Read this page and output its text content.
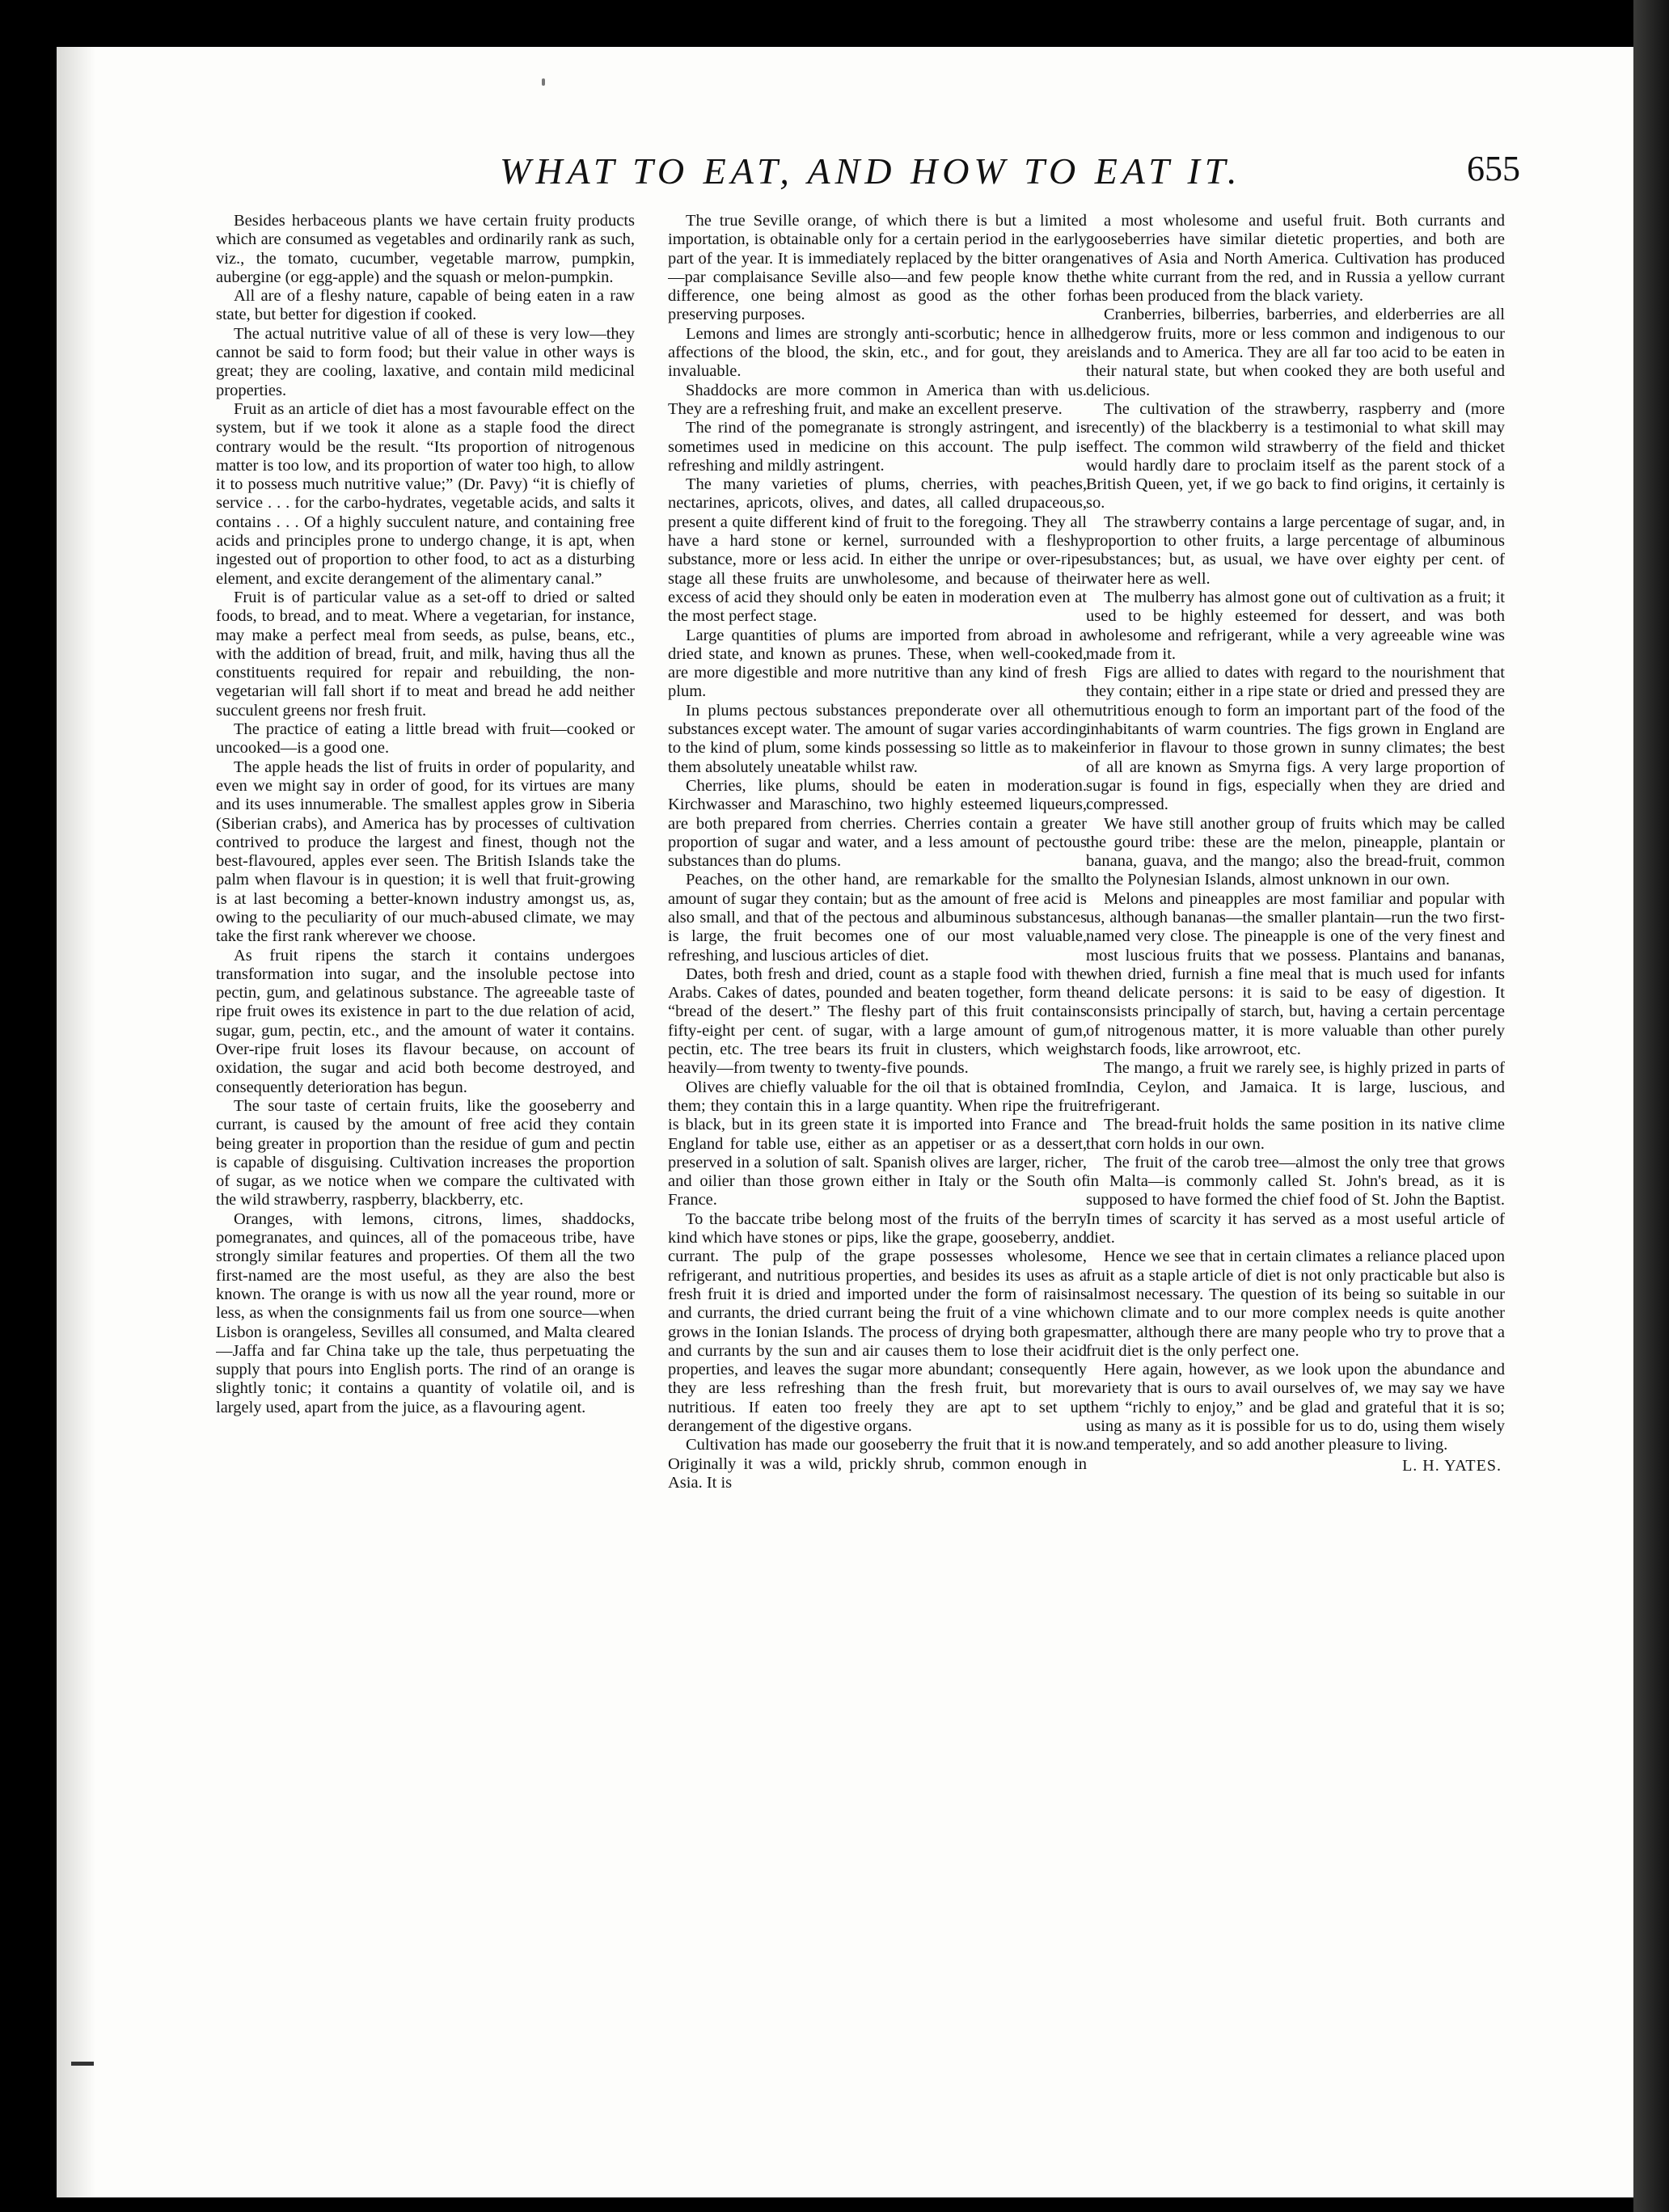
WHAT TO EAT, AND HOW TO EAT IT.	655

Besides herbaceous plants we have certain fruity products which are consumed as vegetables and ordinarily rank as such, viz., the tomato, cucumber, vegetable marrow, pumpkin, aubergine (or egg-apple) and the squash or melon-pumpkin.

All are of a fleshy nature, capable of being eaten in a raw state, but better for digestion if cooked.

The actual nutritive value of all of these is very low—they cannot be said to form food; but their value in other ways is great; they are cooling, laxative, and contain mild medicinal properties.

Fruit as an article of diet has a most favourable effect on the system, but if we took it alone as a staple food the direct contrary would be the result. “Its proportion of nitrogenous matter is too low, and its proportion of water too high, to allow it to possess much nutritive value;” (Dr. Pavy) “it is chiefly of service . . . for the carbo-hydrates, vegetable acids, and salts it contains . . . Of a highly succulent nature, and containing free acids and principles prone to undergo change, it is apt, when ingested out of proportion to other food, to act as a disturbing element, and excite derangement of the alimentary canal.”

Fruit is of particular value as a set-off to dried or salted foods, to bread, and to meat. Where a vegetarian, for instance, may make a perfect meal from seeds, as pulse, beans, etc., with the addition of bread, fruit, and milk, having thus all the constituents required for repair and rebuilding, the non-vegetarian will fall short if to meat and bread he add neither succulent greens nor fresh fruit.

The practice of eating a little bread with fruit—cooked or uncooked—is a good one.

The apple heads the list of fruits in order of popularity, and even we might say in order of good, for its virtues are many and its uses innumerable. The smallest apples grow in Siberia (Siberian crabs), and America has by processes of cultivation contrived to produce the largest and finest, though not the best-flavoured, apples ever seen. The British Islands take the palm when flavour is in question; it is well that fruit-growing is at last becoming a better-known industry amongst us, as, owing to the peculiarity of our much-abused climate, we may take the first rank wherever we choose.

As fruit ripens the starch it contains undergoes transformation into sugar, and the insoluble pectose into pectin, gum, and gelatinous substance. The agreeable taste of ripe fruit owes its existence in part to the due relation of acid, sugar, gum, pectin, etc., and the amount of water it contains. Over-ripe fruit loses its flavour because, on account of oxidation, the sugar and acid both become destroyed, and consequently deterioration has begun.

The sour taste of certain fruits, like the gooseberry and currant, is caused by the amount of free acid they contain being greater in proportion than the residue of gum and pectin is capable of disguising. Cultivation increases the proportion of sugar, as we notice when we compare the cultivated with the wild strawberry, raspberry, blackberry, etc.

Oranges, with lemons, citrons, limes, shaddocks, pomegranates, and quinces, all of the pomaceous tribe, have strongly similar features and properties. Of them all the two first-named are the most useful, as they are also the best known. The orange is with us now all the year round, more or less, as when the consignments fail us from one source—when Lisbon is orangeless, Sevilles all consumed, and Malta cleared—Jaffa and far China take up the tale, thus perpetuating the supply that pours into English ports. The rind of an orange is slightly tonic; it contains a quantity of volatile oil, and is largely used, apart from the juice, as a flavouring agent.

The true Seville orange, of which there is but a limited importation, is obtainable only for a certain period in the early part of the year. It is immediately replaced by the bitter orange—par complaisance Seville also—and few people know the difference, one being almost as good as the other for preserving purposes.

Lemons and limes are strongly anti-scorbutic; hence in all affections of the blood, the skin, etc., and for gout, they are invaluable.

Shaddocks are more common in America than with us. They are a refreshing fruit, and make an excellent preserve.

The rind of the pomegranate is strongly astringent, and is sometimes used in medicine on this account. The pulp is refreshing and mildly astringent.

The many varieties of plums, cherries, with peaches, nectarines, apricots, olives, and dates, all called drupaceous, present a quite different kind of fruit to the foregoing. They all have a hard stone or kernel, surrounded with a fleshy substance, more or less acid. In either the unripe or over-ripe stage all these fruits are unwholesome, and because of their excess of acid they should only be eaten in moderation even at the most perfect stage.

Large quantities of plums are imported from abroad in a dried state, and known as prunes. These, when well-cooked, are more digestible and more nutritive than any kind of fresh plum.

In plums pectous substances preponderate over all other substances except water. The amount of sugar varies according to the kind of plum, some kinds possessing so little as to make them absolutely uneatable whilst raw.

Cherries, like plums, should be eaten in moderation. Kirchwasser and Maraschino, two highly esteemed liqueurs, are both prepared from cherries. Cherries contain a greater proportion of sugar and water, and a less amount of pectous substances than do plums.

Peaches, on the other hand, are remarkable for the small amount of sugar they contain; but as the amount of free acid is also small, and that of the pectous and albuminous substances is large, the fruit becomes one of our most valuable, refreshing, and luscious articles of diet.

Dates, both fresh and dried, count as a staple food with the Arabs. Cakes of dates, pounded and beaten together, form the “bread of the desert.” The fleshy part of this fruit contains fifty-eight per cent. of sugar, with a large amount of gum, pectin, etc. The tree bears its fruit in clusters, which weigh heavily—from twenty to twenty-five pounds.

Olives are chiefly valuable for the oil that is obtained from them; they contain this in a large quantity. When ripe the fruit is black, but in its green state it is imported into France and England for table use, either as an appetiser or as a dessert, preserved in a solution of salt. Spanish olives are larger, richer, and oilier than those grown either in Italy or the South of France.

To the baccate tribe belong most of the fruits of the berry kind which have stones or pips, like the grape, gooseberry, and currant. The pulp of the grape possesses wholesome, refrigerant, and nutritious properties, and besides its uses as a fresh fruit it is dried and imported under the form of raisins and currants, the dried currant being the fruit of a vine which grows in the Ionian Islands. The process of drying both grapes and currants by the sun and air causes them to lose their acid properties, and leaves the sugar more abundant; consequently they are less refreshing than the fresh fruit, but more nutritious. If eaten too freely they are apt to set up derangement of the digestive organs.

Cultivation has made our gooseberry the fruit that it is now. Originally it was a wild, prickly shrub, common enough in Asia. It is

a most wholesome and useful fruit. Both currants and gooseberries have similar dietetic properties, and both are natives of Asia and North America. Cultivation has produced the white currant from the red, and in Russia a yellow currant has been produced from the black variety.

Cranberries, bilberries, barberries, and elderberries are all hedgerow fruits, more or less common and indigenous to our islands and to America. They are all far too acid to be eaten in their natural state, but when cooked they are both useful and delicious.

The cultivation of the strawberry, raspberry and (more recently) of the blackberry is a testimonial to what skill may effect. The common wild strawberry of the field and thicket would hardly dare to proclaim itself as the parent stock of a British Queen, yet, if we go back to find origins, it certainly is so.

The strawberry contains a large percentage of sugar, and, in proportion to other fruits, a large percentage of albuminous substances; but, as usual, we have over eighty per cent. of water here as well.

The mulberry has almost gone out of cultivation as a fruit; it used to be highly esteemed for dessert, and was both wholesome and refrigerant, while a very agreeable wine was made from it.

Figs are allied to dates with regard to the nourishment that they contain; either in a ripe state or dried and pressed they are nutritious enough to form an important part of the food of the inhabitants of warm countries. The figs grown in England are inferior in flavour to those grown in sunny climates; the best of all are known as Smyrna figs. A very large proportion of sugar is found in figs, especially when they are dried and compressed.

We have still another group of fruits which may be called the gourd tribe: these are the melon, pineapple, plantain or banana, guava, and the mango; also the bread-fruit, common to the Polynesian Islands, almost unknown in our own.

Melons and pineapples are most familiar and popular with us, although bananas—the smaller plantain—run the two first-named very close. The pineapple is one of the very finest and most luscious fruits that we possess. Plantains and bananas, when dried, furnish a fine meal that is much used for infants and delicate persons: it is said to be easy of digestion. It consists principally of starch, but, having a certain percentage of nitrogenous matter, it is more valuable than other purely starch foods, like arrowroot, etc.

The mango, a fruit we rarely see, is highly prized in parts of India, Ceylon, and Jamaica. It is large, luscious, and refrigerant.

The bread-fruit holds the same position in its native clime that corn holds in our own.

The fruit of the carob tree—almost the only tree that grows in Malta—is commonly called St. John's bread, as it is supposed to have formed the chief food of St. John the Baptist. In times of scarcity it has served as a most useful article of diet.

Hence we see that in certain climates a reliance placed upon fruit as a staple article of diet is not only practicable but also is almost necessary. The question of its being so suitable in our own climate and to our more complex needs is quite another matter, although there are many people who try to prove that a fruit diet is the only perfect one.

Here again, however, as we look upon the abundance and variety that is ours to avail ourselves of, we may say we have them “richly to enjoy,” and be glad and grateful that it is so; using as many as it is possible for us to do, using them wisely and temperately, and so add another pleasure to living.

L. H. YATES.
